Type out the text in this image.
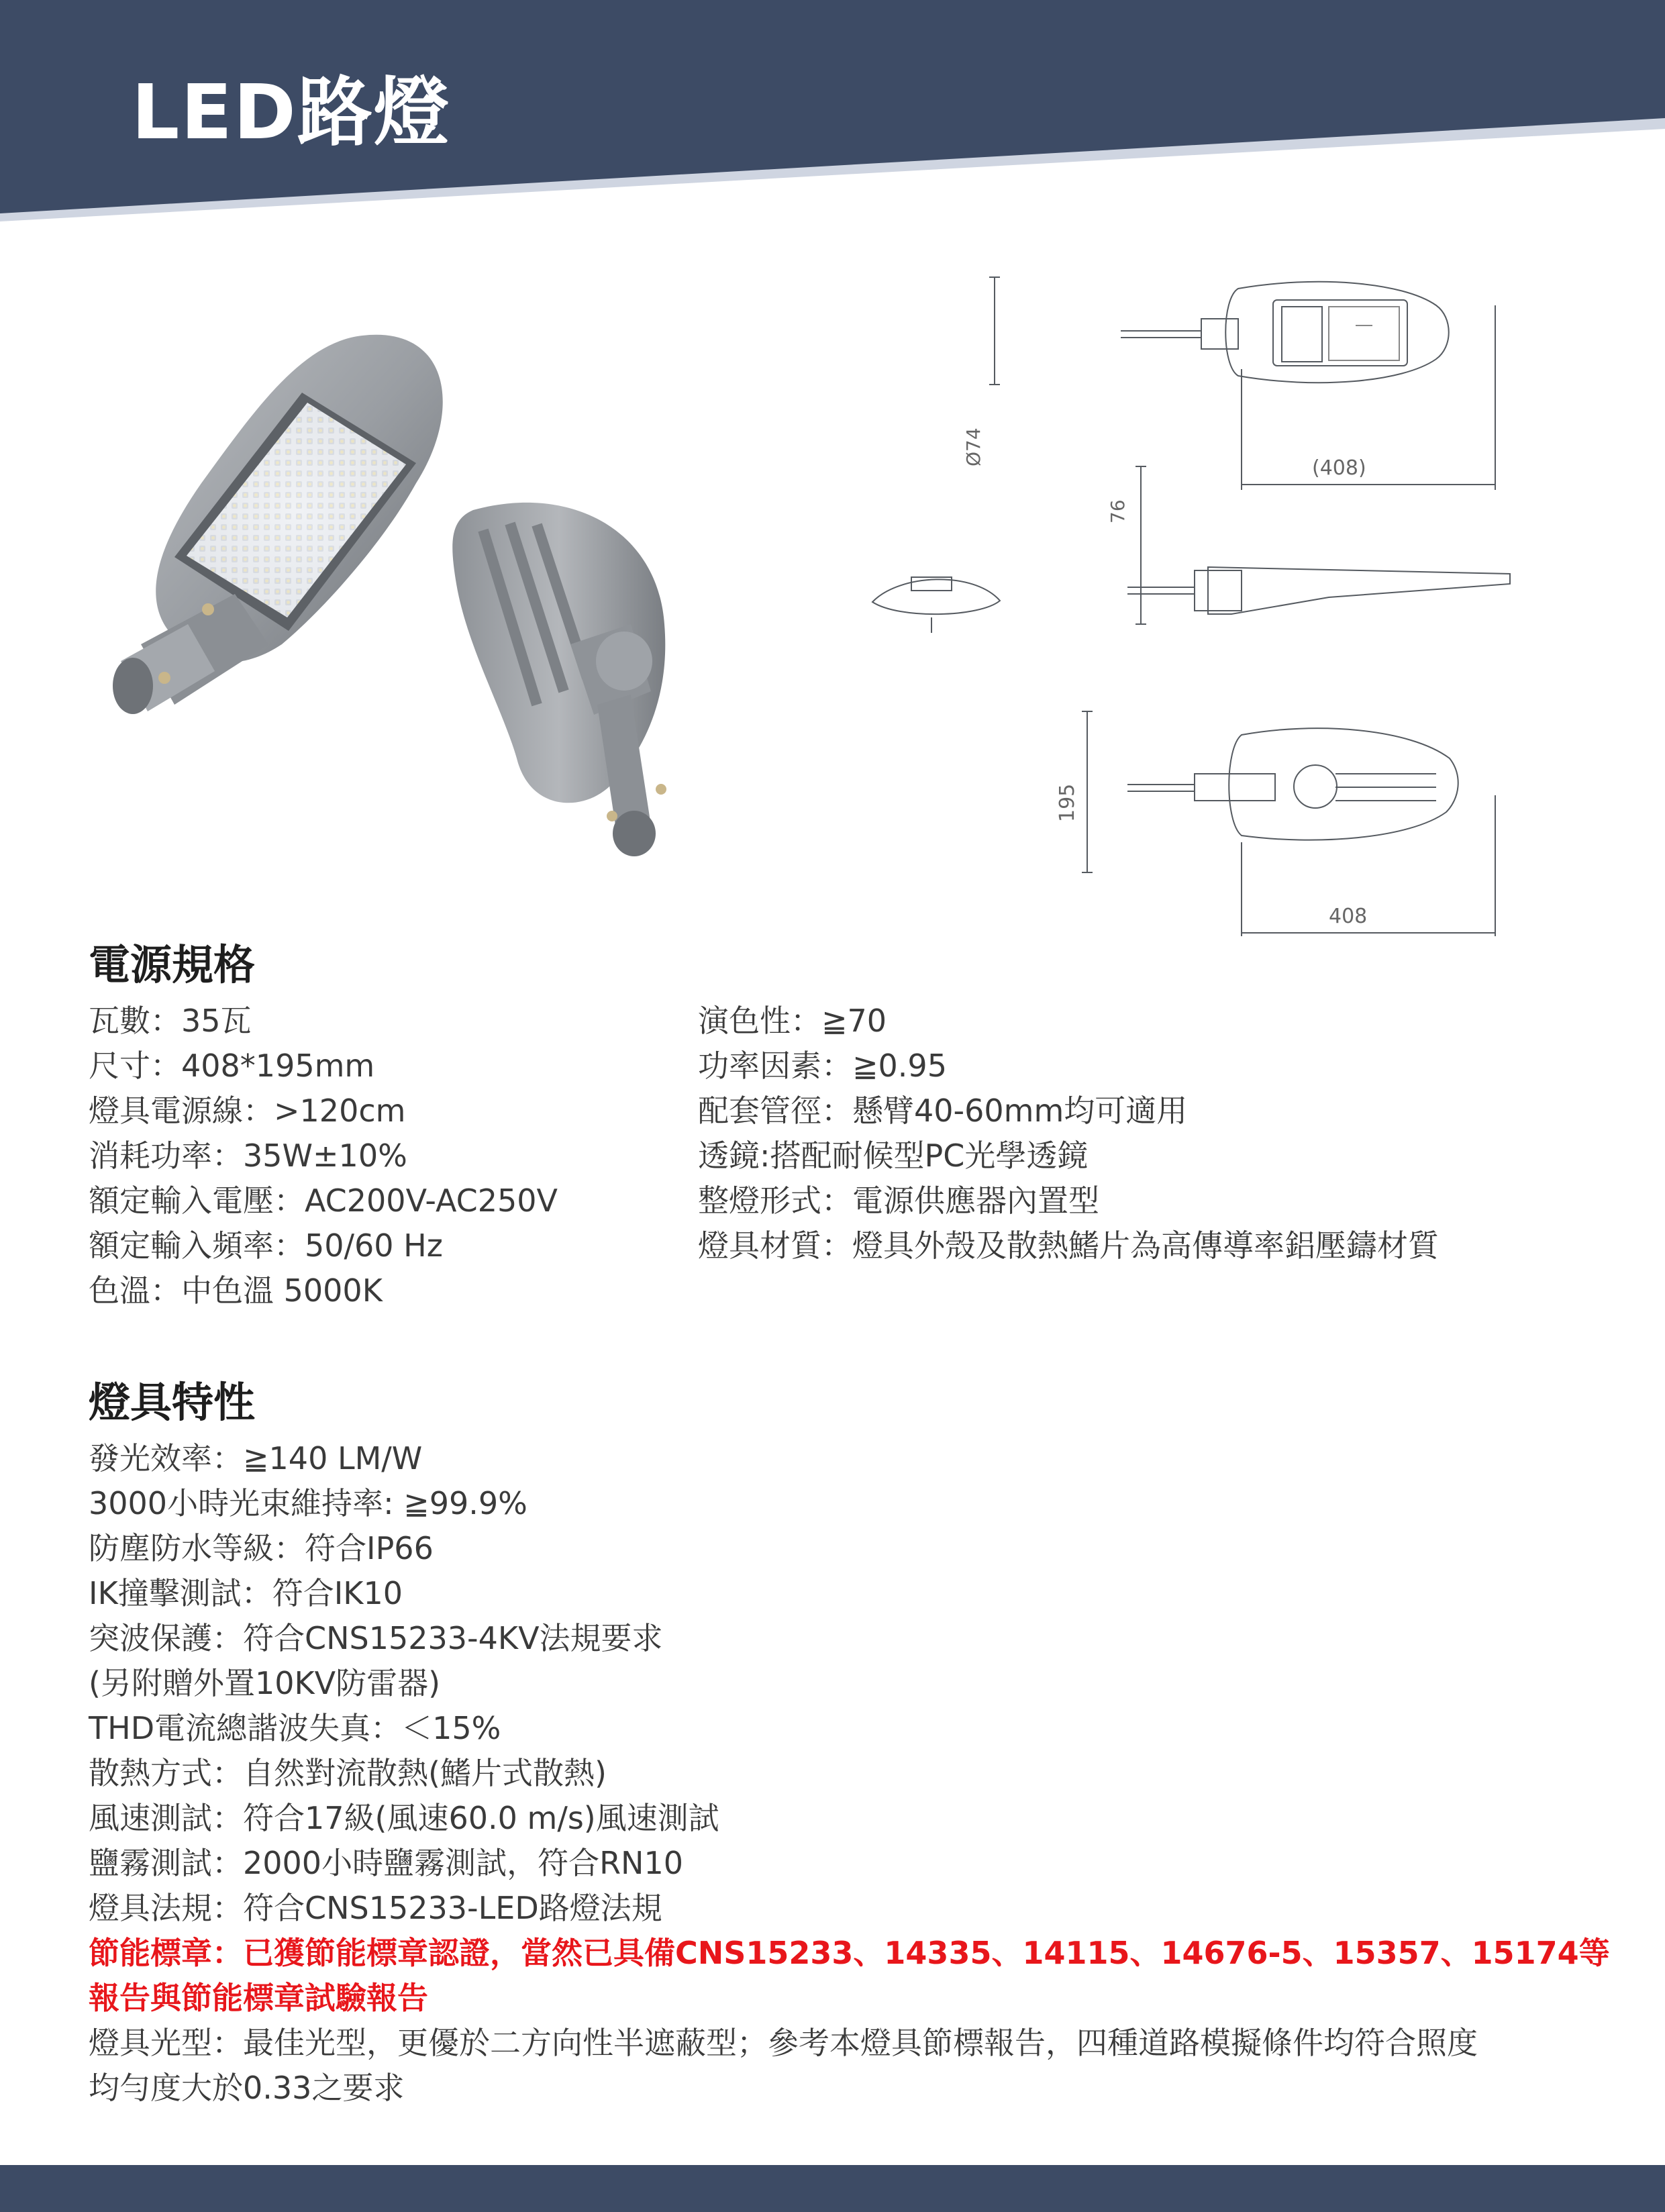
LED路燈
Ø74
(408)
76
195
408
電源規格
瓦數：35瓦
尺寸：408*195mm
燈具電源線：>120cm
消耗功率：35W±10%
額定輸入電壓：AC200V-AC250V
額定輸入頻率：50/60 Hz
色溫：中色溫 5000K
演色性：≧70
功率因素：≧0.95
配套管徑：懸臂40-60mm均可適用
透鏡:搭配耐候型PC光學透鏡
整燈形式：電源供應器內置型
燈具材質：燈具外殼及散熱鰭片為高傳導率鋁壓鑄材質
燈具特性
發光效率：≧140 LM/W
3000小時光束維持率: ≧99.9%
防塵防水等級：符合IP66
IK撞擊測試：符合IK10
突波保護：符合CNS15233-4KV法規要求
(另附贈外置10KV防雷器)
THD電流總諧波失真：＜15%
散熱方式：自然對流散熱(鰭片式散熱)
風速測試：符合17級(風速60.0 m/s)風速測試
鹽霧測試：2000小時鹽霧測試，符合RN10
燈具法規：符合CNS15233-LED路燈法規
節能標章：已獲節能標章認證，當然已具備CNS15233、14335、14115、14676-5、15357、15174等
報告與節能標章試驗報告
燈具光型：最佳光型，更優於二方向性半遮蔽型；參考本燈具節標報告，四種道路模擬條件均符合照度
均勻度大於0.33之要求
